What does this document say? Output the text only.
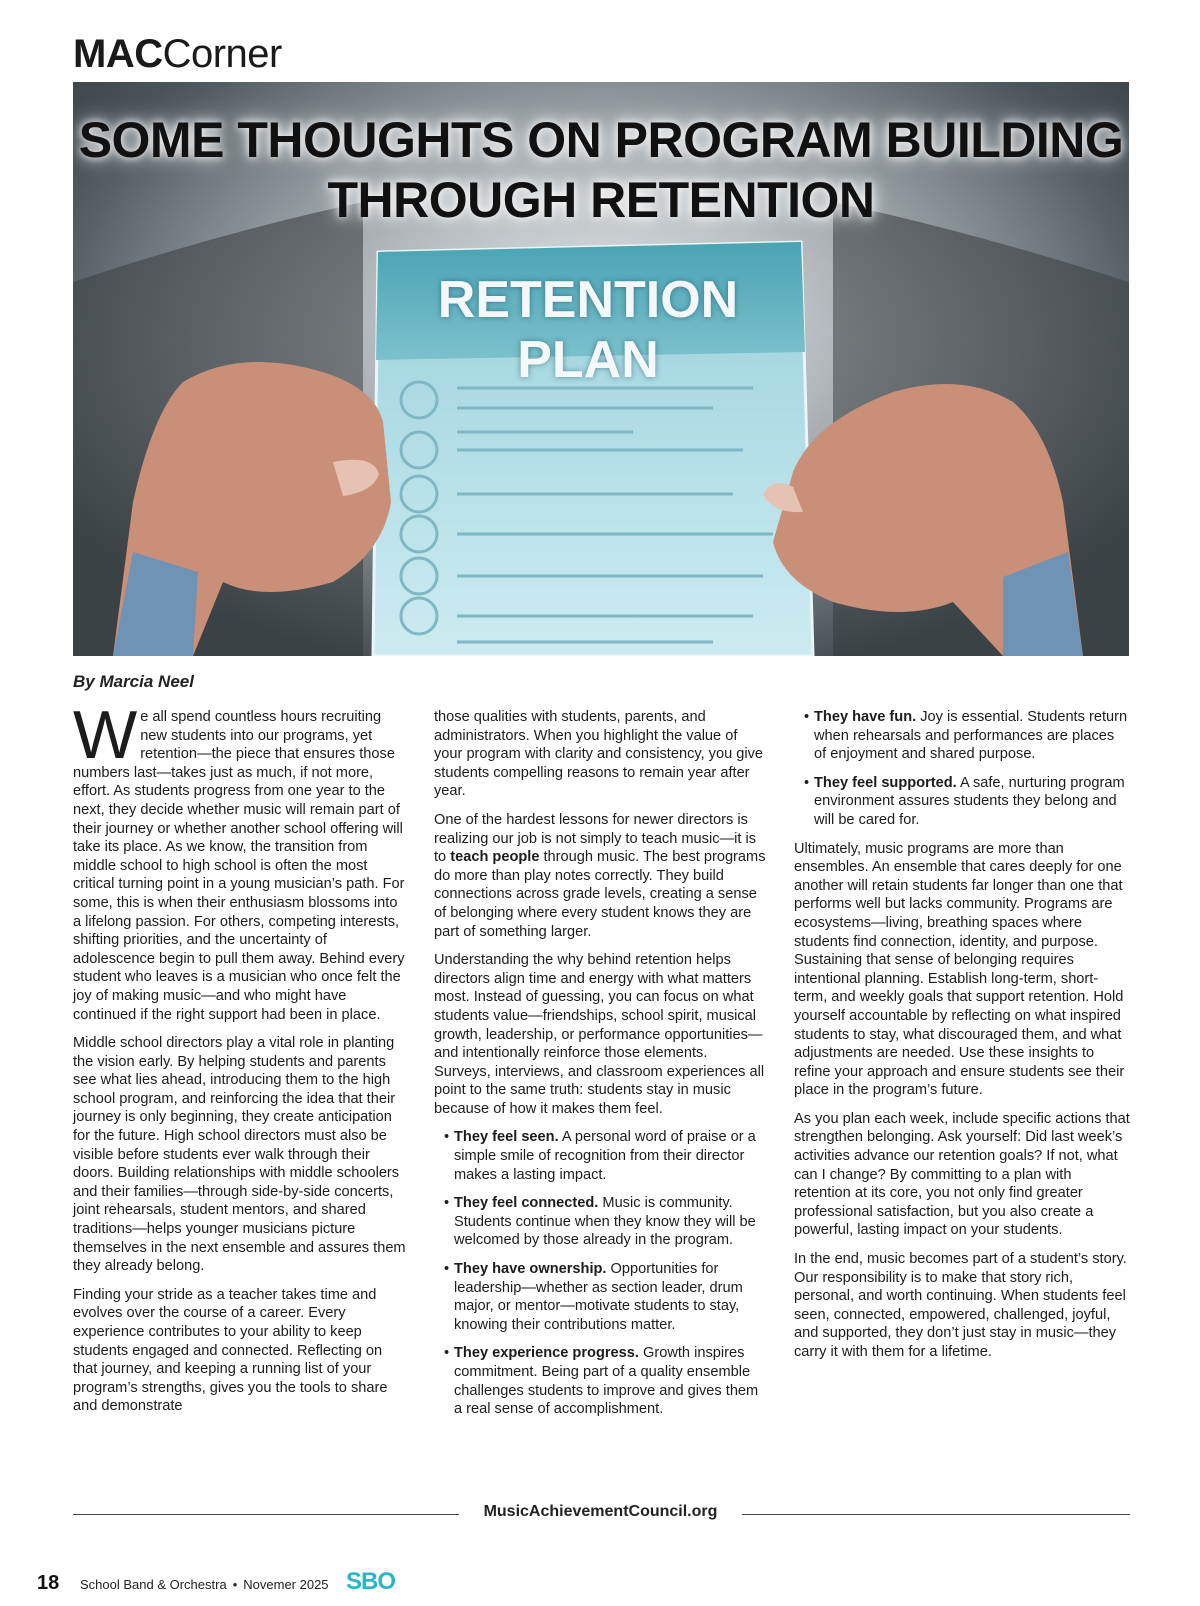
MACCorner
SOME THOUGHTS ON PROGRAM BUILDING
THROUGH RETENTION
RETENTION PLAN
By Marcia Neel

We all spend countless hours recruiting new students into our programs, yet retention—the piece that ensures those numbers last—takes just as much, if not more, effort. As students progress from one year to the next, they decide whether music will remain part of their journey or whether another school offering will take its place. As we know, the transition from middle school to high school is often the most critical turning point in a young musician’s path. For some, this is when their enthusiasm blossoms into a lifelong passion. For others, competing interests, shifting priorities, and the uncertainty of adolescence begin to pull them away. Behind every student who leaves is a musician who once felt the joy of making music—and who might have continued if the right support had been in place.

Middle school directors play a vital role in planting the vision early. By helping students and parents see what lies ahead, introducing them to the high school program, and reinforcing the idea that their journey is only beginning, they create anticipation for the future. High school directors must also be visible before students ever walk through their doors. Building relationships with middle schoolers and their families—through side-by-side concerts, joint rehearsals, student mentors, and shared traditions—helps younger musicians picture themselves in the next ensemble and assures them they already belong.

Finding your stride as a teacher takes time and evolves over the course of a career. Every experience contributes to your ability to keep students engaged and connected. Reflecting on that journey, and keeping a running list of your program’s strengths, gives you the tools to share and demonstrate

those qualities with students, parents, and administrators. When you highlight the value of your program with clarity and consistency, you give students compelling reasons to remain year after year.

One of the hardest lessons for newer directors is realizing our job is not simply to teach music—it is to teach people through music. The best programs do more than play notes correctly. They build connections across grade levels, creating a sense of belonging where every student knows they are part of something larger.

Understanding the why behind retention helps directors align time and energy with what matters most. Instead of guessing, you can focus on what students value—friendships, school spirit, musical growth, leadership, or performance opportunities—and intentionally reinforce those elements. Surveys, interviews, and classroom experiences all point to the same truth: students stay in music because of how it makes them feel.

• They feel seen. A personal word of praise or a simple smile of recognition from their director makes a lasting impact.
• They feel connected. Music is community. Students continue when they know they will be welcomed by those already in the program.
• They have ownership. Opportunities for leadership—whether as section leader, drum major, or mentor—motivate students to stay, knowing their contributions matter.
• They experience progress. Growth inspires commitment. Being part of a quality ensemble challenges students to improve and gives them a real sense of accomplishment.
• They have fun. Joy is essential. Students return when rehearsals and performances are places of enjoyment and shared purpose.
• They feel supported. A safe, nurturing program environment assures students they belong and will be cared for.

Ultimately, music programs are more than ensembles. An ensemble that cares deeply for one another will retain students far longer than one that performs well but lacks community. Programs are ecosystems—living, breathing spaces where students find connection, identity, and purpose. Sustaining that sense of belonging requires intentional planning. Establish long-term, short-term, and weekly goals that support retention. Hold yourself accountable by reflecting on what inspired students to stay, what discouraged them, and what adjustments are needed. Use these insights to refine your approach and ensure students see their place in the program’s future.

As you plan each week, include specific actions that strengthen belonging. Ask yourself: Did last week’s activities advance our retention goals? If not, what can I change? By committing to a plan with retention at its core, you not only find greater professional satisfaction, but you also create a powerful, lasting impact on your students.

In the end, music becomes part of a student’s story. Our responsibility is to make that story rich, personal, and worth continuing. When students feel seen, connected, empowered, challenged, joyful, and supported, they don’t just stay in music—they carry it with them for a lifetime.

MusicAchievementCouncil.org
18 School Band & Orchestra • Novemer 2025 SBO
